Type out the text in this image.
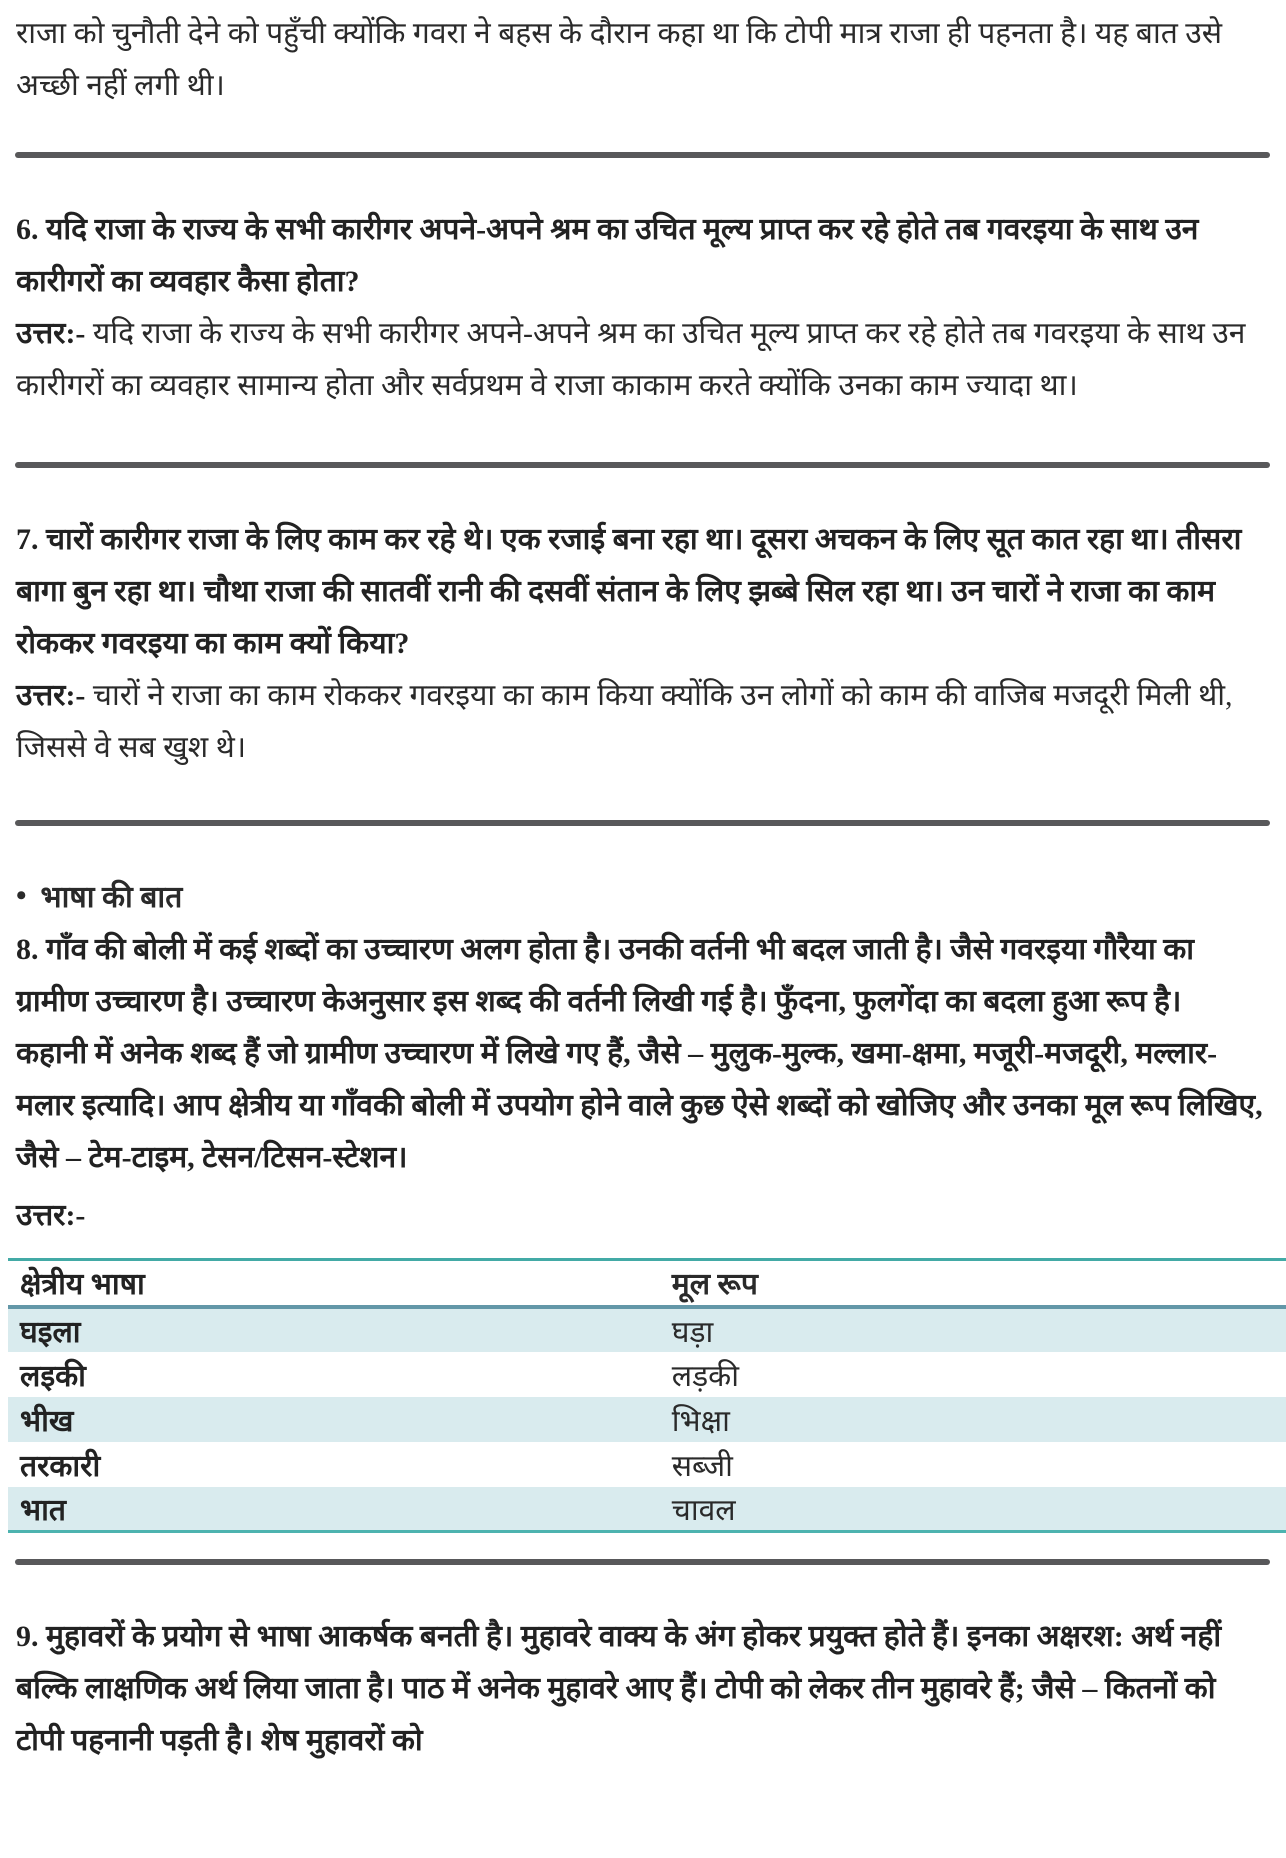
राजा को चुनौती देने को पहुँची क्योंकि गवरा ने बहस के दौरान कहा था कि टोपी मात्र राजा ही पहनता है। यह बात उसे अच्छी नहीं लगी थी।

6. यदि राजा के राज्य के सभी कारीगर अपने-अपने श्रम का उचित मूल्य प्राप्त कर रहे होते तब गवरइया के साथ उन कारीगरों का व्यवहार कैसा होता?

उत्तर:- यदि राजा के राज्य के सभी कारीगर अपने-अपने श्रम का उचित मूल्य प्राप्त कर रहे होते तब गवरइया के साथ उन कारीगरों का व्यवहार सामान्य होता और सर्वप्रथम वे राजा काकाम करते क्योंकि उनका काम ज्यादा था।

7. चारों कारीगर राजा के लिए काम कर रहे थे। एक रजाई बना रहा था। दूसरा अचकन के लिए सूत कात रहा था। तीसरा बागा बुन रहा था। चौथा राजा की सातवीं रानी की दसवीं संतान के लिए झब्बे सिल रहा था। उन चारों ने राजा का काम रोककर गवरइया का काम क्यों किया?

उत्तर:- चारों ने राजा का काम रोककर गवरइया का काम किया क्योंकि उन लोगों को काम की वाजिब मजदूरी मिली थी, जिससे वे सब खुश थे।

• भाषा की बात

8. गाँव की बोली में कई शब्दों का उच्चारण अलग होता है। उनकी वर्तनी भी बदल जाती है। जैसे गवरइया गौरैया का ग्रामीण उच्चारण है। उच्चारण केअनुसार इस शब्द की वर्तनी लिखी गई है। फुँदना, फुलगेंदा का बदला हुआ रूप है।

कहानी में अनेक शब्द हैं जो ग्रामीण उच्चारण में लिखे गए हैं, जैसे – मुलुक-मुल्क, खमा-क्षमा, मजूरी-मजदूरी, मल्लार-मलार इत्यादि। आप क्षेत्रीय या गाँवकी बोली में उपयोग होने वाले कुछ ऐसे शब्दों को खोजिए और उनका मूल रूप लिखिए, जैसे – टेम-टाइम, टेसन/टिसन-स्टेशन।

उत्तर:-

क्षेत्रीय भाषा	मूल रूप
घइला	घड़ा
लइकी	लड़की
भीख	भिक्षा
तरकारी	सब्जी
भात	चावल

9. मुहावरों के प्रयोग से भाषा आकर्षक बनती है। मुहावरे वाक्य के अंग होकर प्रयुक्त होते हैं। इनका अक्षरश: अर्थ नहीं बल्कि लाक्षणिक अर्थ लिया जाता है। पाठ में अनेक मुहावरे आए हैं। टोपी को लेकर तीन मुहावरे हैं; जैसे – कितनों को टोपी पहनानी पड़ती है। शेष मुहावरों को
